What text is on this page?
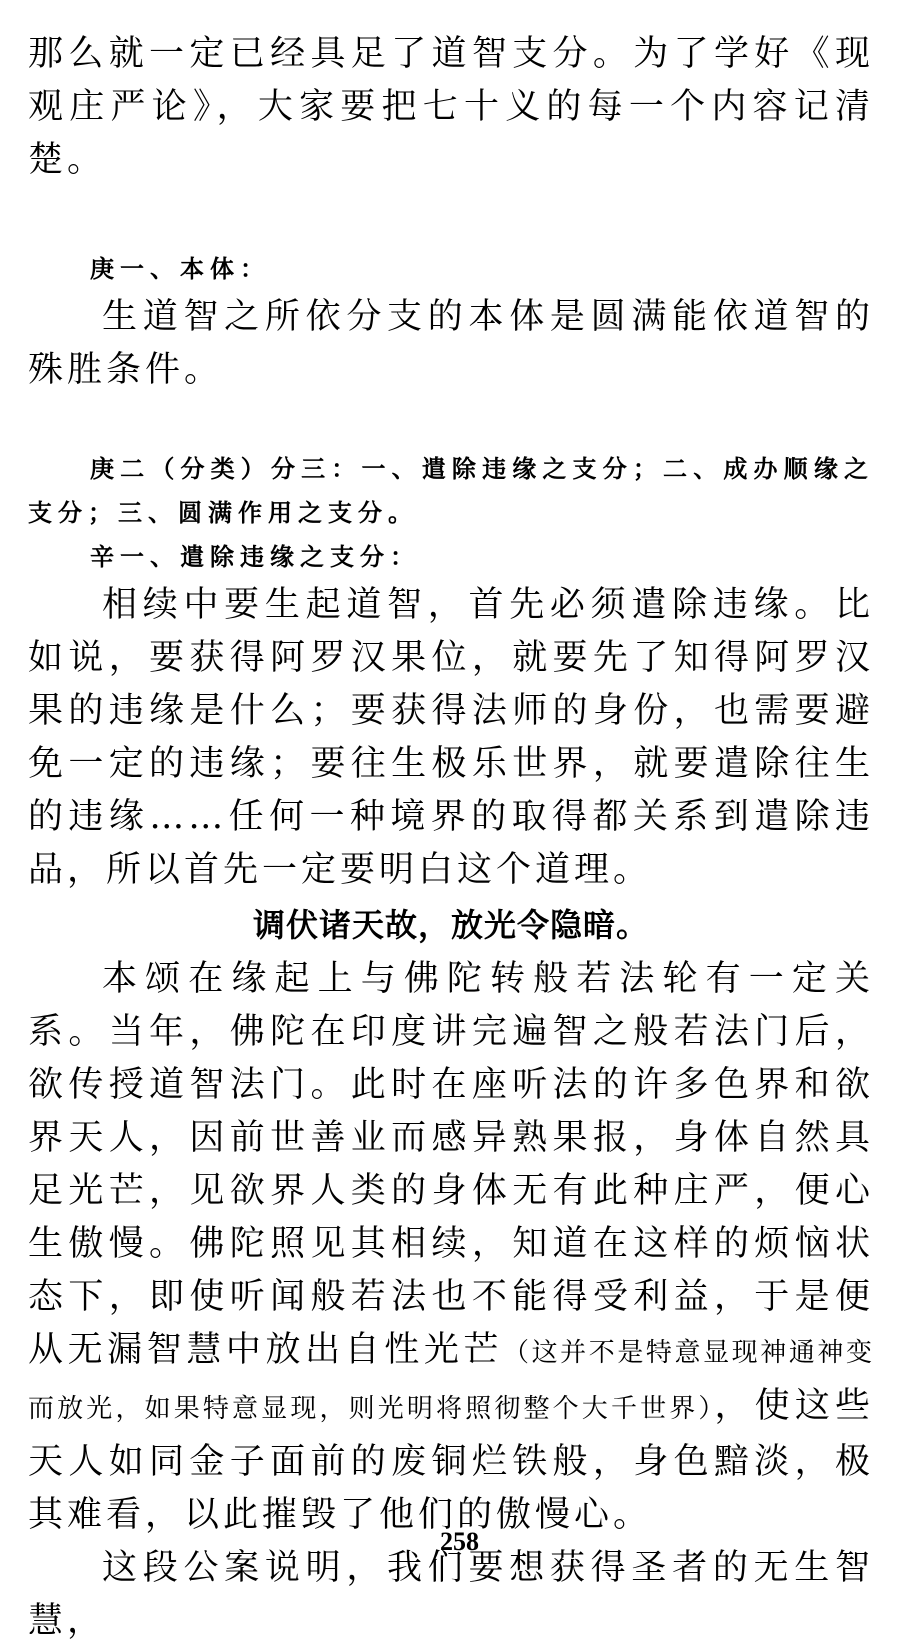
那么就一定已经具足了道智支分。为了学好《现观庄严论》，大家要把七十义的每一个内容记清楚。

庚一、本体：

生道智之所依分支的本体是圆满能依道智的殊胜条件。

庚二（分类）分三：一、遣除违缘之支分；二、成办顺缘之支分；三、圆满作用之支分。

辛一、遣除违缘之支分：

相续中要生起道智，首先必须遣除违缘。比如说，要获得阿罗汉果位，就要先了知得阿罗汉果的违缘是什么；要获得法师的身份，也需要避免一定的违缘；要往生极乐世界，就要遣除往生的违缘……任何一种境界的取得都关系到遣除违品，所以首先一定要明白这个道理。

调伏诸天故，放光令隐暗。

本颂在缘起上与佛陀转般若法轮有一定关系。当年，佛陀在印度讲完遍智之般若法门后，欲传授道智法门。此时在座听法的许多色界和欲界天人，因前世善业而感异熟果报，身体自然具足光芒，见欲界人类的身体无有此种庄严，便心生傲慢。佛陀照见其相续，知道在这样的烦恼状态下，即使听闻般若法也不能得受利益，于是便从无漏智慧中放出自性光芒（这并不是特意显现神通神变而放光，如果特意显现，则光明将照彻整个大千世界），使这些天人如同金子面前的废铜烂铁般，身色黯淡，极其难看，以此摧毁了他们的傲慢心。

这段公案说明，我们要想获得圣者的无生智慧，

258
